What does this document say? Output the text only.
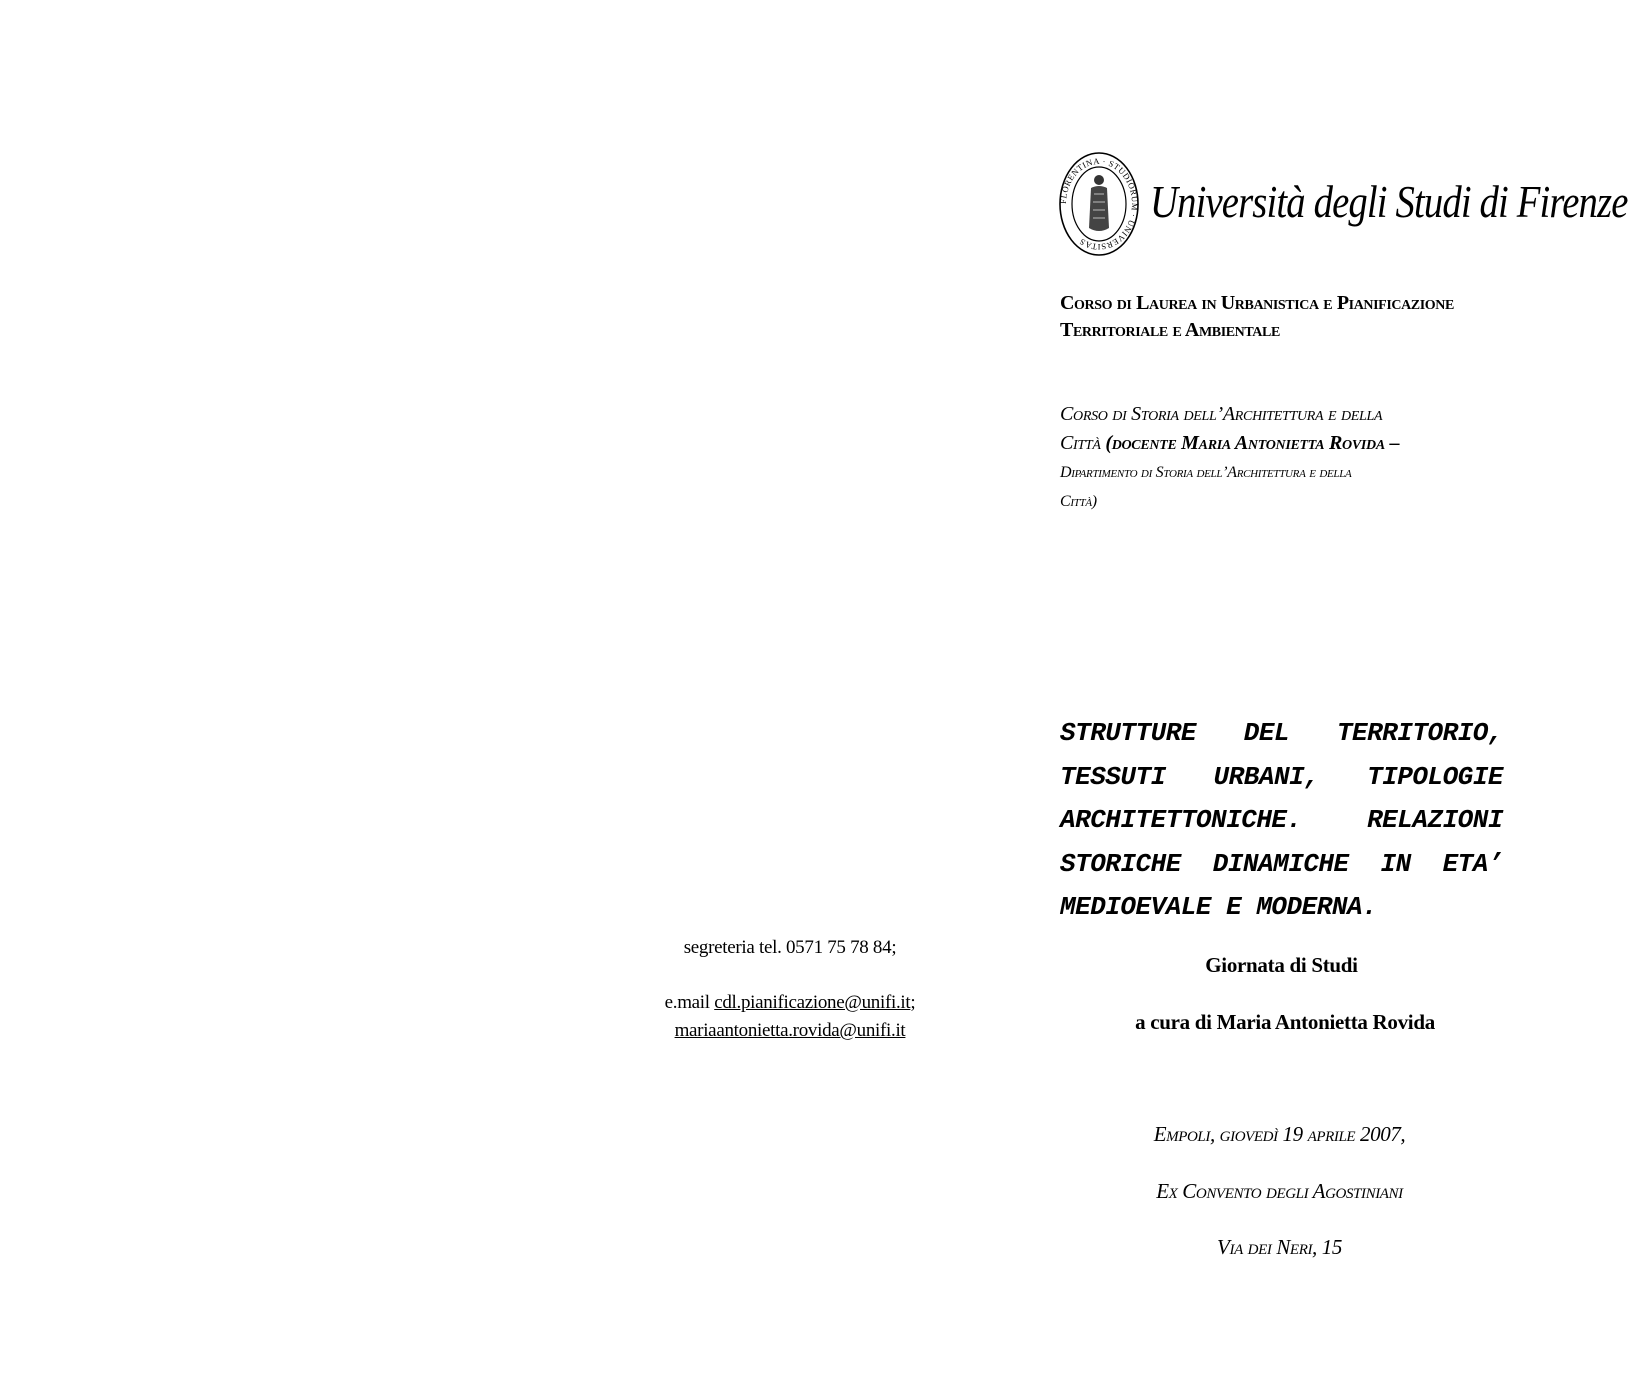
segreteria tel. 0571 75 78 84;
e.mail cdl.pianificazione@unifi.it;
mariaantonietta.rovida@unifi.it
FLORENTINA · STUDIORUM · UNIVERSITAS
Università degli Studi di Firenze
Corso di Laurea in Urbanistica e Pianificazione
Territoriale e Ambientale
Corso di Storia dell’Architettura e della
Città (docente Maria Antonietta Rovida –
Dipartimento di Storia dell’Architettura e della
Città)
STRUTTURE DEL TERRITORIO, TESSUTI URBANI, TIPOLOGIE ARCHITETTONICHE. RELAZIONI STORICHE DINAMICHE IN ETA’ MEDIOEVALE E MODERNA.
Giornata di Studi
a cura di Maria Antonietta Rovida
Empoli, giovedì 19 aprile 2007,
Ex Convento degli Agostiniani
Via dei Neri, 15
